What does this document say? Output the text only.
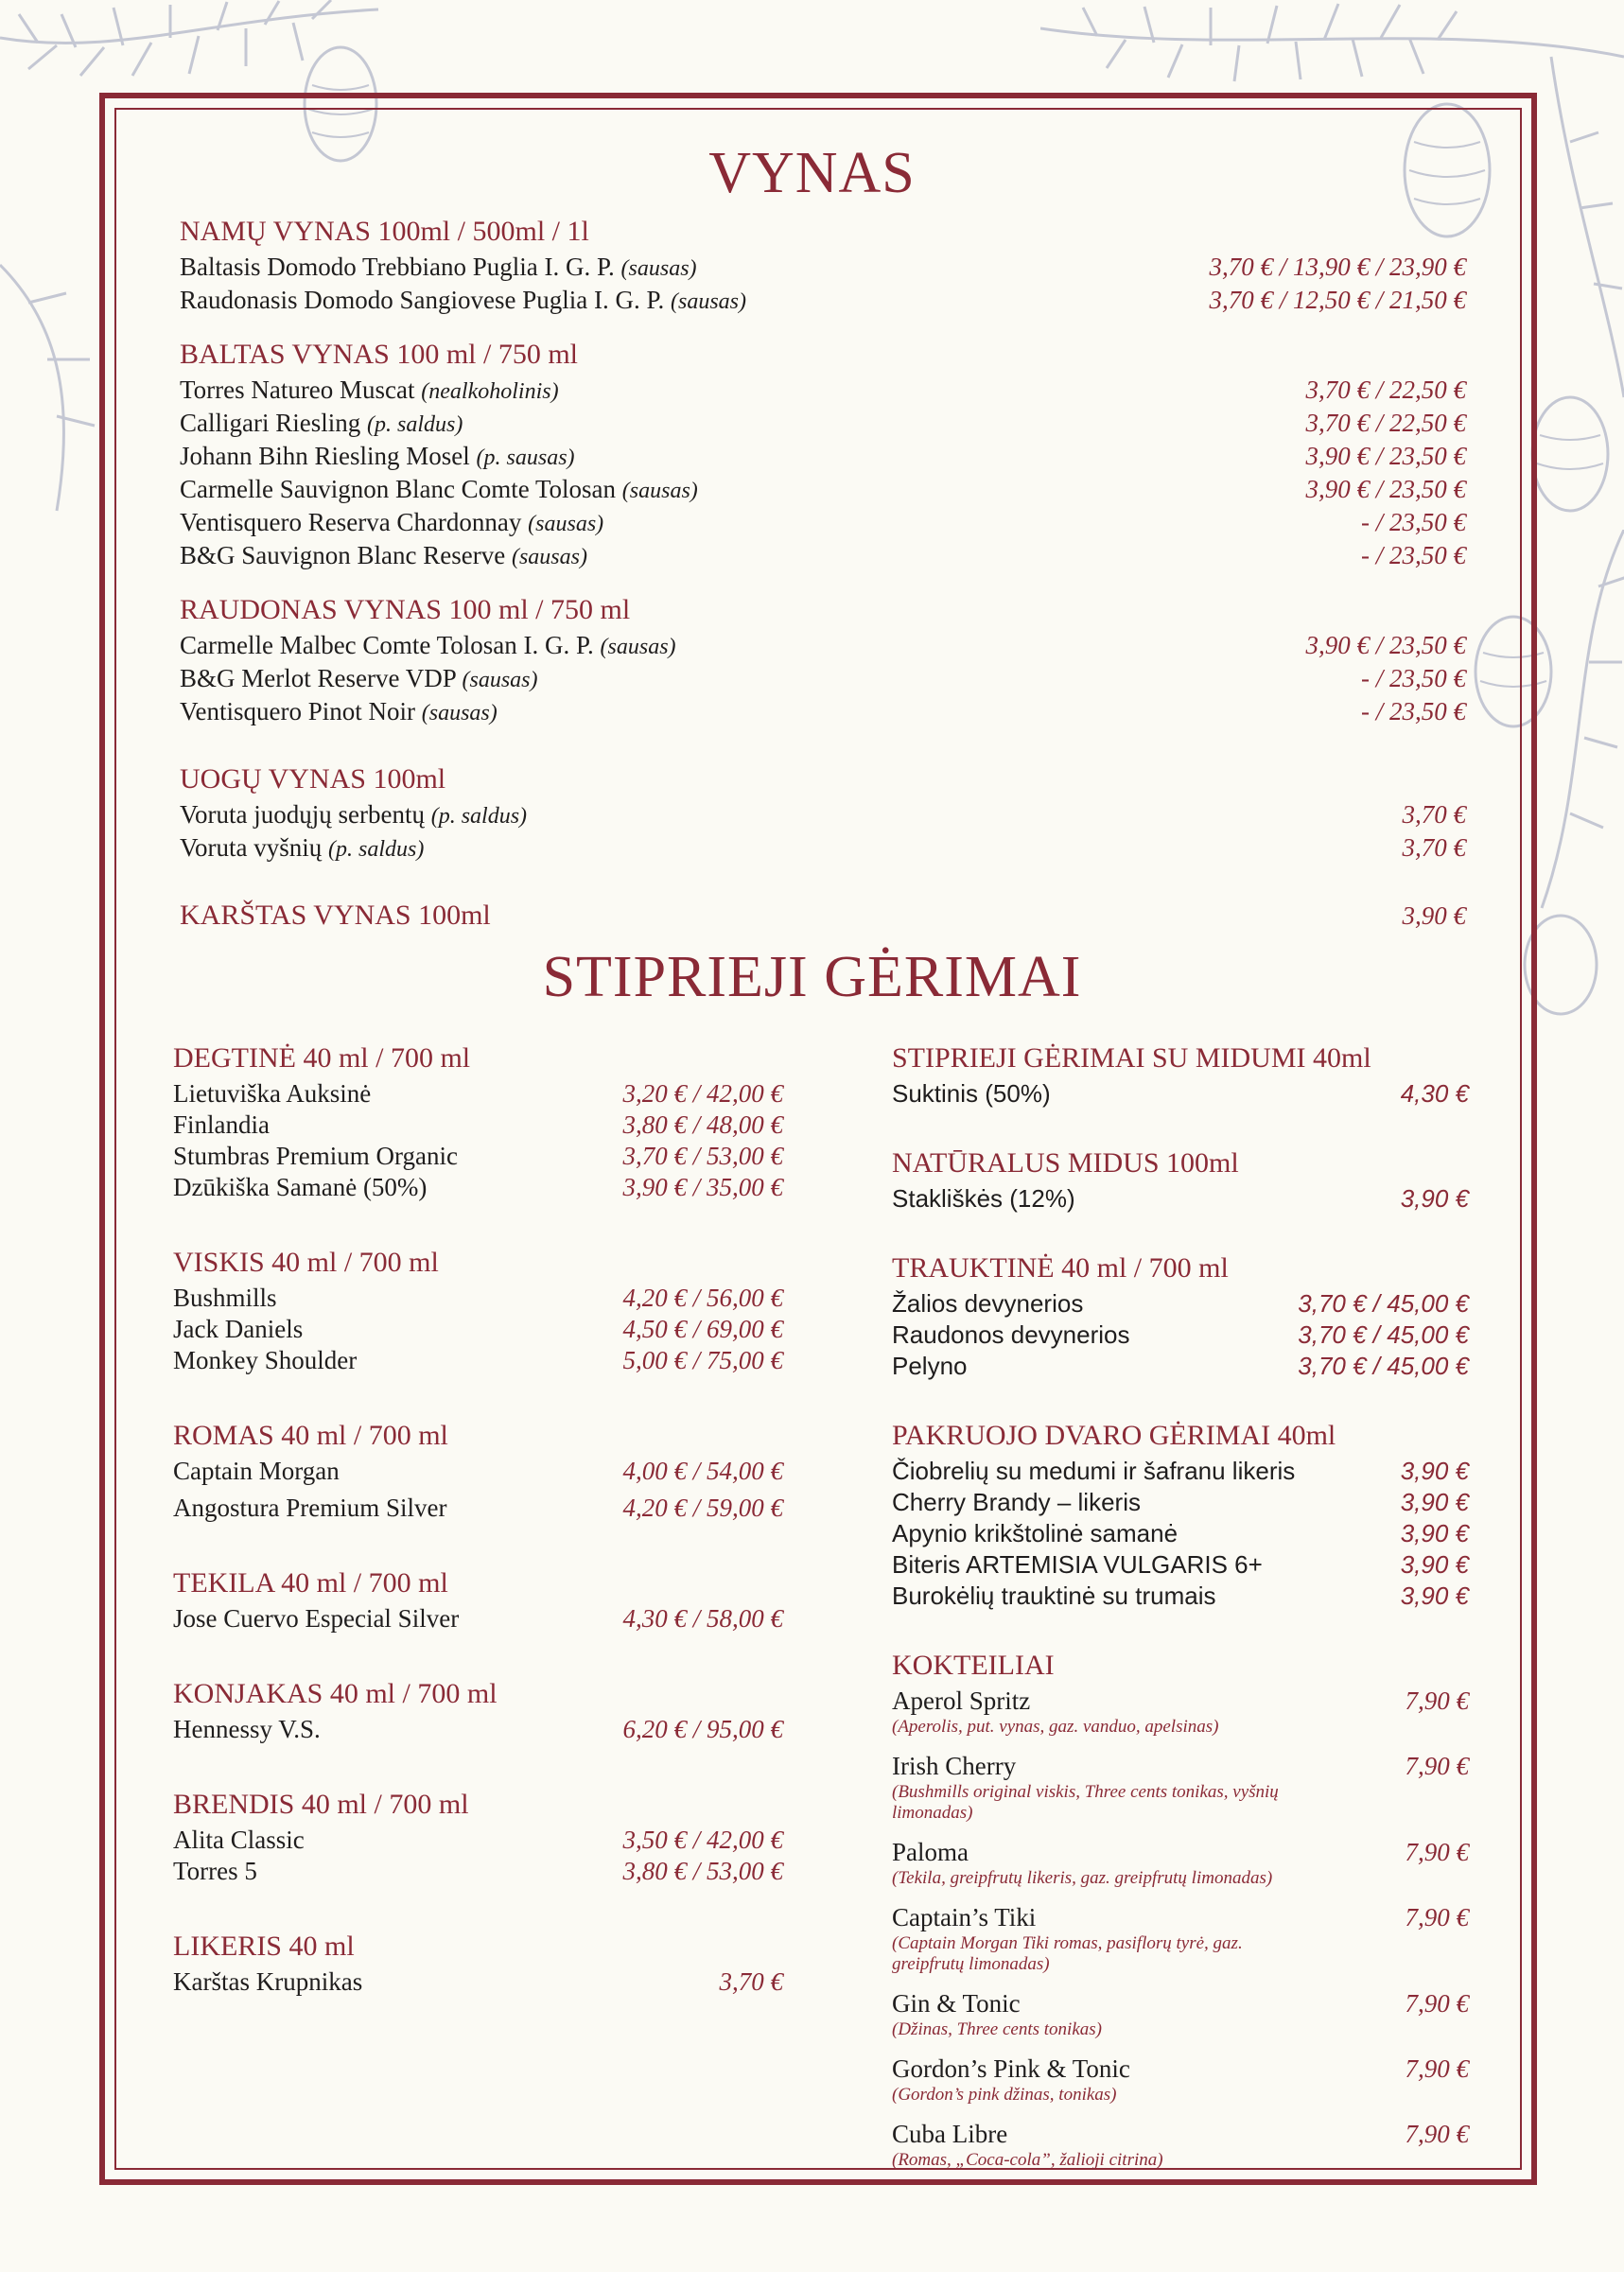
VYNAS
NAMŲ VYNAS 100ml / 500ml / 1l
Baltasis Domodo Trebbiano Puglia I. G. P. (sausas)	3,70 € / 13,90 € / 23,90 €
Raudonasis Domodo Sangiovese Puglia I. G. P. (sausas)	3,70 € / 12,50 € / 21,50 €
BALTAS VYNAS 100 ml / 750 ml
Torres Natureo Muscat (nealkoholinis)	3,70 € / 22,50 €
Calligari Riesling (p. saldus)	3,70 € / 22,50 €
Johann Bihn Riesling Mosel (p. sausas)	3,90 € / 23,50 €
Carmelle Sauvignon Blanc Comte Tolosan (sausas)	3,90 € / 23,50 €
Ventisquero Reserva Chardonnay (sausas)	- / 23,50 €
B&G Sauvignon Blanc Reserve (sausas)	- / 23,50 €
RAUDONAS VYNAS 100 ml / 750 ml
Carmelle Malbec Comte Tolosan I. G. P. (sausas)	3,90 € / 23,50 €
B&G Merlot Reserve VDP (sausas)	- / 23,50 €
Ventisquero Pinot Noir (sausas)	- / 23,50 €
UOGŲ VYNAS 100ml
Voruta juodųjų serbentų (p. saldus)	3,70 €
Voruta vyšnių (p. saldus)	3,70 €
KARŠTAS VYNAS 100ml	3,90 €
STIPRIEJI GĖRIMAI
DEGTINĖ 40 ml / 700 ml
Lietuviška Auksinė	3,20 € / 42,00 €
Finlandia	3,80 € / 48,00 €
Stumbras Premium Organic	3,70 € / 53,00 €
Dzūkiška Samanė (50%)	3,90 € / 35,00 €
VISKIS 40 ml / 700 ml
Bushmills	4,20 € / 56,00 €
Jack Daniels	4,50 € / 69,00 €
Monkey Shoulder	5,00 € / 75,00 €
ROMAS 40 ml / 700 ml
Captain Morgan	4,00 € / 54,00 €
Angostura Premium Silver	4,20 € / 59,00 €
TEKILA 40 ml / 700 ml
Jose Cuervo Especial Silver	4,30 € / 58,00 €
KONJAKAS 40 ml / 700 ml
Hennessy V.S.	6,20 € / 95,00 €
BRENDIS 40 ml / 700 ml
Alita Classic	3,50 € / 42,00 €
Torres 5	3,80 € / 53,00 €
LIKERIS 40 ml
Karštas Krupnikas	3,70 €
STIPRIEJI GĖRIMAI SU MIDUMI 40ml
Suktinis (50%)	4,30 €
NATŪRALUS MIDUS 100ml
Stakliškės (12%)	3,90 €
TRAUKTINĖ 40 ml / 700 ml
Žalios devynerios	3,70 € / 45,00 €
Raudonos devynerios	3,70 € / 45,00 €
Pelyno	3,70 € / 45,00 €
PAKRUOJO DVARO GĖRIMAI 40ml
Čiobrelių su medumi ir šafranu likeris	3,90 €
Cherry Brandy – likeris	3,90 €
Apynio krikštolinė samanė	3,90 €
Biteris ARTEMISIA VULGARIS 6+	3,90 €
Burokėlių trauktinė su trumais	3,90 €
KOKTEILIAI
Aperol Spritz	7,90 €
(Aperolis, put. vynas, gaz. vanduo, apelsinas)
Irish Cherry	7,90 €
(Bushmills original viskis, Three cents tonikas, vyšnių limonadas)
Paloma	7,90 €
(Tekila, greipfrutų likeris, gaz. greipfrutų limonadas)
Captain’s Tiki	7,90 €
(Captain Morgan Tiki romas, pasiflorų tyrė, gaz. greipfrutų limonadas)
Gin & Tonic	7,90 €
(Džinas, Three cents tonikas)
Gordon’s Pink & Tonic	7,90 €
(Gordon’s pink džinas, tonikas)
Cuba Libre	7,90 €
(Romas, „Coca-cola”, žalioji citrina)
